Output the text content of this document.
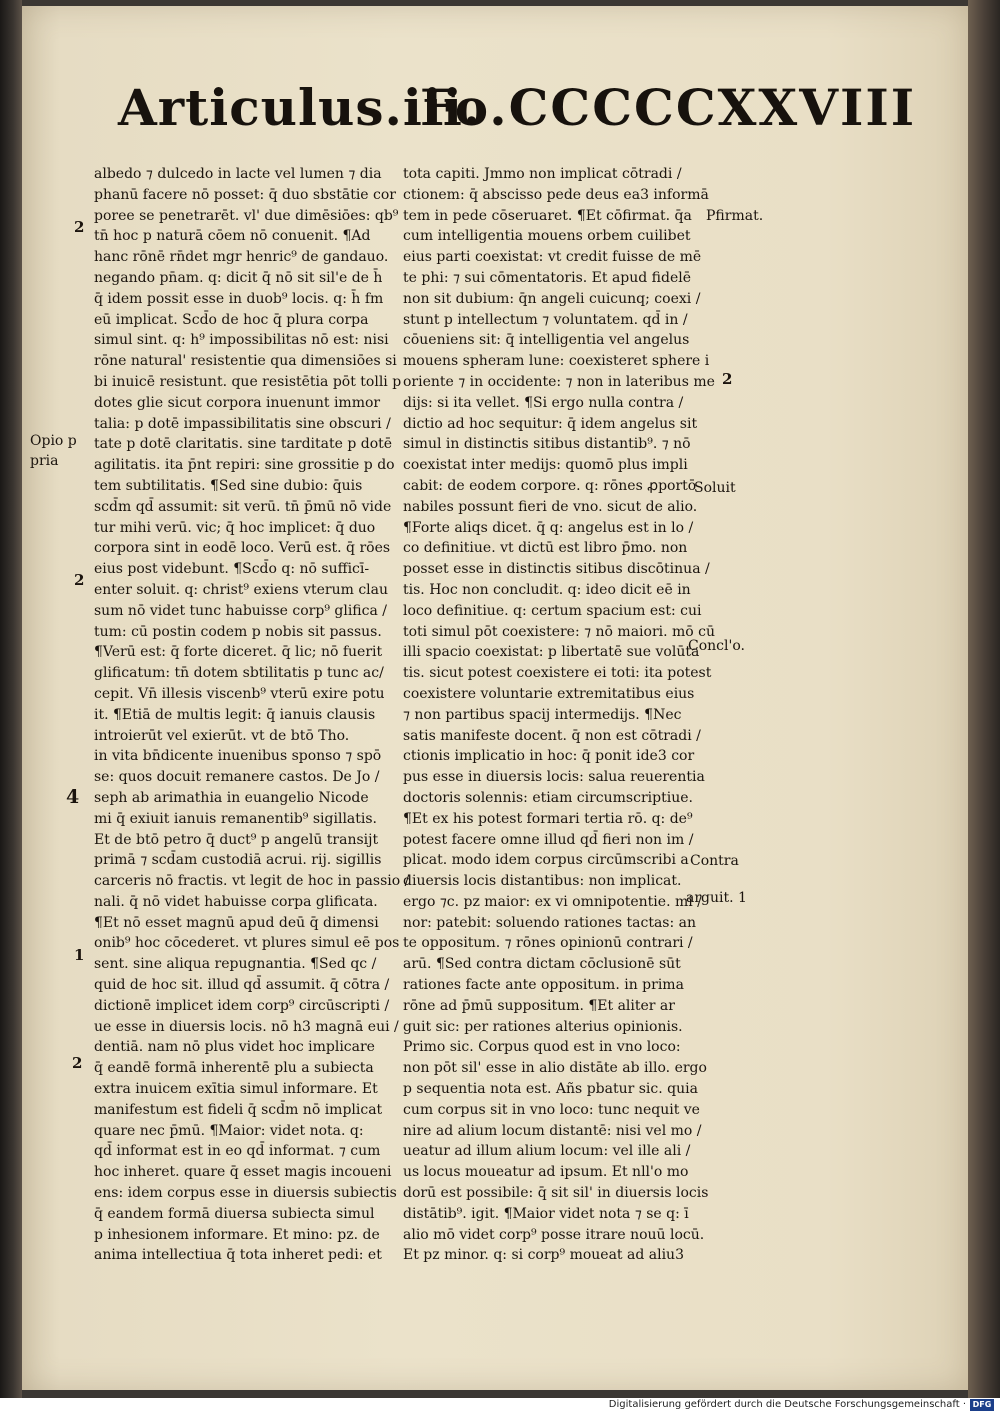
Articulus.iii.
Fo.CCCCCXXVIII
albedo ⁊ dulcedo in lacte vel lumen ⁊ dia
phanū facere nō posset: q̄ duo sbstātie cor
poree se penetrarēt. vl' due dimēsiōes: qb⁹
tn̄ hoc p naturā cōem nō conuenit. ¶Ad
hanc rōnē rn̄det mgr henric⁹ de gandauo.
negando pn̄am. q: dicit q̄ nō sit sil'e de h̄
q̄ idem possit esse in duob⁹ locis. q: h̄ fm
eū implicat. Scd̄o de hoc q̄ plura corpa
simul sint. q: h⁹ impossibilitas nō est: nisi
rōne natural' resistentie qua dimensiōes si
bi inuicē resistunt. que resistētia pōt tolli p
dotes glie sicut corpora inuenunt immor
talia: p dotē impassibilitatis sine obscuri /
tate p dotē claritatis. sine tarditate p dotē
agilitatis. ita p̄nt repiri: sine grossitie p do
tem subtilitatis. ¶Sed sine dubio: q̄uis
scd̄m qd̄ assumit: sit verū. tn̄ p̄mū nō vide
tur mihi verū. vic; q̄ hoc implicet: q̄ duo
corpora sint in eodē loco. Verū est. q̄ rōes
eius post videbunt. ¶Scd̄o q: nō sufficī-
enter soluit. q: christ⁹ exiens vterum clau
sum nō videt tunc habuisse corp⁹ glifica /
tum: cū postin codem p nobis sit passus.
¶Verū est: q̄ forte diceret. q̄ lic; nō fuerit
glificatum: tn̄ dotem sbtilitatis p tunc ac/
cepit. Vn̄ illesis viscenb⁹ vterū exire potu
it. ¶Etiā de multis legit: q̄ ianuis clausis
introierūt vel exierūt. vt de btō Tho.
in vita bn̄dicente inuenibus sponso ⁊ spō
se: quos docuit remanere castos. De Jo /
seph ab arimathia in euangelio Nicode
mi q̄ exiuit ianuis remanentib⁹ sigillatis.
Et de btō petro q̄ duct⁹ p angelū transijt
primā ⁊ scd̄am custodiā acrui. rij. sigillis
carceris nō fractis. vt legit de hoc in passio /
nali. q̄ nō videt habuisse corpa glificata.
¶Et nō esset magnū apud deū q̄ dimensi
onib⁹ hoc cōcederet. vt plures simul eē pos
sent. sine aliqua repugnantia. ¶Sed qc /
quid de hoc sit. illud qd̄ assumit. q̄ cōtra /
dictionē implicet idem corp⁹ circūscripti /
ue esse in diuersis locis. nō h3 magnā eui /
dentiā. nam nō plus videt hoc implicare
q̄ eandē formā inherentē plu a subiecta
extra inuicem exītia simul informare. Et
manifestum est fideli q̄ scd̄m nō implicat
quare nec p̄mū. ¶Maior: videt nota. q:
qd̄ informat est in eo qd̄ informat. ⁊ cum
hoc inheret. quare q̄ esset magis incoueni
ens: idem corpus esse in diuersis subiectis
q̄ eandem formā diuersa subiecta simul
p inhesionem informare. Et mino: pz. de
anima intellectiua q̄ tota inheret pedi: et
tota capiti. Jmmo non implicat cōtradi /
ctionem: q̄ abscisso pede deus ea3 informā
tem in pede cōseruaret. ¶Et cōfirmat. q̄a
cum intelligentia mouens orbem cuilibet
eius parti coexistat: vt credit fuisse de mē
te phi: ⁊ sui cōmentatoris. Et apud fidelē
non sit dubium: q̄n angeli cuicunq; coexi /
stunt p intellectum ⁊ voluntatem. qd̄ in /
cōueniens sit: q̄ intelligentia vel angelus
mouens spheram lune: coexisteret sphere i
oriente ⁊ in occidente: ⁊ non in lateribus me
dijs: si ita vellet. ¶Si ergo nulla contra /
dictio ad hoc sequitur: q̄ idem angelus sit
simul in distinctis sitibus distantib⁹. ⁊ nō
coexistat inter medijs: quomō plus impli
cabit: de eodem corpore. q: rōnes ꝓportō
nabiles possunt fieri de vno. sicut de alio.
¶Forte aliqs dicet. q̄ q: angelus est in lo /
co definitiue. vt dictū est libro p̄mo. non
posset esse in distinctis sitibus discōtinua /
tis. Hoc non concludit. q: ideo dicit eē in
loco definitiue. q: certum spacium est: cui
toti simul pōt coexistere: ⁊ nō maiori. mō cū
illi spacio coexistat: p libertatē sue volūta
tis. sicut potest coexistere ei toti: ita potest
coexistere voluntarie extremitatibus eius
⁊ non partibus spacij intermedijs. ¶Nec
satis manifeste docent. q̄ non est cōtradi /
ctionis implicatio in hoc: q̄ ponit ide3 cor
pus esse in diuersis locis: salua reuerentia
doctoris solennis: etiam circumscriptiue.
¶Et ex his potest formari tertia rō. q: de⁹
potest facere omne illud qd̄ fieri non im /
plicat. modo idem corpus circūmscribi a
diuersis locis distantibus: non implicat.
ergo ⁊c. pz maior: ex vi omnipotentie. mi /
nor: patebit: soluendo rationes tactas: an
te oppositum. ⁊ rōnes opinionū contrari /
arū. ¶Sed contra dictam cōclusionē sūt
rationes facte ante oppositum. in prima
rōne ad p̄mū suppositum. ¶Et aliter ar
guit sic: per rationes alterius opinionis.
Primo sic. Corpus quod est in vno loco:
non pōt sil' esse in alio distāte ab illo. ergo
p sequentia nota est. Añs pbatur sic. quia
cum corpus sit in vno loco: tunc nequit ve
nire ad alium locum distantē: nisi vel mo /
ueatur ad illum alium locum: vel ille ali /
us locus moueatur ad ipsum. Et nll'o mo
dorū est possibile: q̄ sit sil' in diuersis locis
distātib⁹. igit. ¶Maior videt nota ⁊ se q: ī
alio mō videt corp⁹ posse itrare nouū locū.
Et pz minor. q: si corp⁹ moueat ad aliu3
2
Opio p
pria
2
4
1
2
Pfirmat.
2
Soluit
Concl'o.
Contra
arguit. 1
Digitalisierung gefördert durch die Deutsche Forschungsgemeinschaft · DFG
